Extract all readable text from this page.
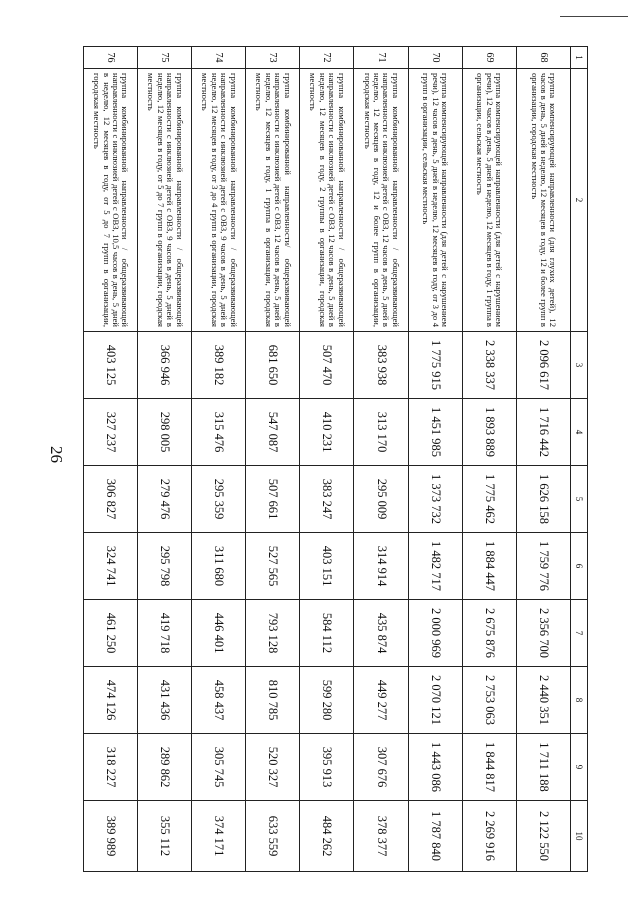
26
1	2	3	4	5	6	7	8	9	10
68	группа компенсирующей направленности (для глухих детей), 12 часов в день, 5 дней в неделю, 12 месяцев в году, 12 и более групп в организации, городская местность	2 096 617	1 716 442	1 626 158	1 759 776	2 356 700	2 440 351	1 711 188	2 122 550
69	группа компенсирующей направленности (для детей с нарушением речи), 12 часов в день, 5 дней в неделю, 12 месяцев в году, 1 группа в организации, сельская местность	2 338 337	1 893 889	1 775 462	1 884 447	2 675 876	2 753 063	1 844 817	2 269 916
70	группа компенсирующей направленности (для детей с нарушением речи), 12 часов в день, 5 дней в неделю, 12 месяцев в году, от 3 до 4 групп в организации, сельская местность	1 775 915	1 451 985	1 373 732	1 482 717	2 000 969	2 070 121	1 443 086	1 787 840
71	группа комбинированной направленности / общеразвивающей направленности с инклюзией детей с ОВЗ, 12 часов в день, 5 дней в неделю, 12 месяцев в году, 12 и более групп в организации, городская местность	383 938	313 170	295 009	314 914	435 874	449 277	307 676	378 377
72	группа комбинированной направленности / общеразвивающей направленности с инклюзией детей с ОВЗ, 12 часов в день, 5 дней в неделю, 12 месяцев в году, 2 группы в организации, городская местность	507 470	410 231	383 247	403 151	584 112	599 280	395 913	484 262
73	группа комбинированной направленности/ общеразвивающей направленности с инклюзией детей с ОВЗ, 12 часов в день, 5 дней в неделю, 12 месяцев в году, 1 группа в организации, городская местность	681 650	547 087	507 661	527 565	793 128	810 785	520 327	633 559
74	группа комбинированной направленности / общеразвивающей направленности с инклюзией детей с ОВЗ, 9 часов в день, 5 дней в неделю, 12 месяцев в году, от 3 до 4 групп в организации, городская местность	389 182	315 476	295 359	311 680	446 401	458 437	305 745	374 171
75	группа комбинированной направленности / общеразвивающей направленности с инклюзией детей с ОВЗ, 9 часов в день, 5 дней в неделю, 12 месяцев в году, от 5 до 7 групп в организации, городская местность	366 946	298 005	279 476	295 798	419 718	431 436	289 862	355 112
76	группа комбинированной направленности / общеразвивающей направленности с инклюзией детей с ОВЗ, 10,5 часов в день, 5 дней в неделю, 12 месяцев в году, от 5 до 7 групп в организации, городская местность	403 125	327 237	306 827	324 741	461 250	474 126	318 227	389 989
